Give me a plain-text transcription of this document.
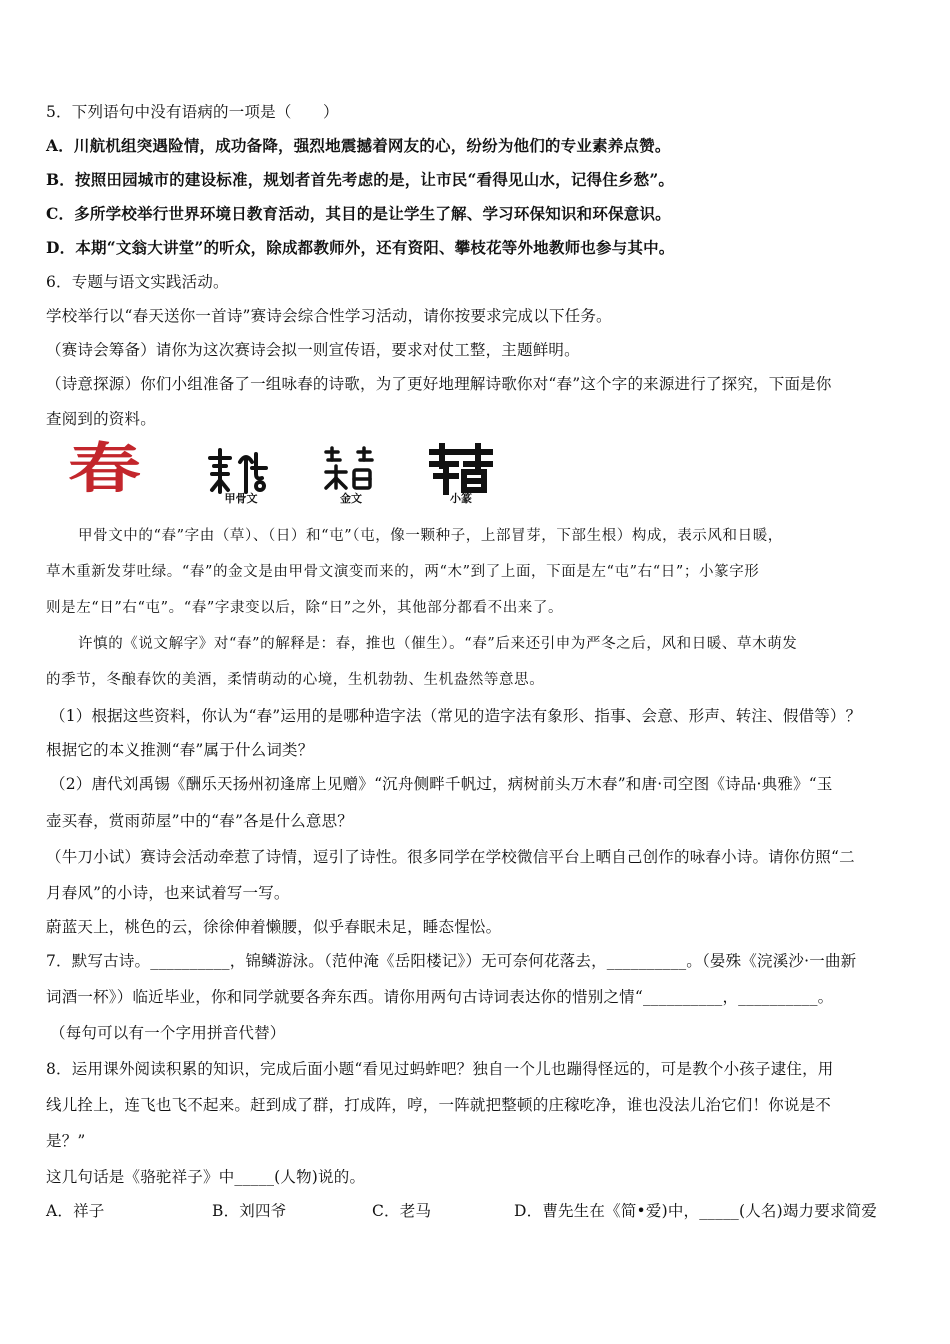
5．下列语句中没有语病的一项是（　　）
A．川航机组突遇险情，成功备降，强烈地震撼着网友的心，纷纷为他们的专业素养点赞。
B．按照田园城市的建设标准，规划者首先考虑的是，让市民“看得见山水，记得住乡愁”。
C．多所学校举行世界环境日教育活动，其目的是让学生了解、学习环保知识和环保意识。
D．本期“文翁大讲堂”的听众，除成都教师外，还有资阳、攀枝花等外地教师也参与其中。
6．专题与语文实践活动。
学校举行以“春天送你一首诗”赛诗会综合性学习活动，请你按要求完成以下任务。
（赛诗会筹备）请你为这次赛诗会拟一则宣传语，要求对仗工整，主题鲜明。
（诗意探源）你们小组准备了一组咏春的诗歌，为了更好地理解诗歌你对“春”这个字的来源进行了探究，下面是你
查阅到的资料。
春	甲骨文	金文	小篆
甲骨文中的“春”字由（草）、（日）和“屯”（屯，像一颗种子，上部冒芽，下部生根）构成，表示风和日暖，
草木重新发芽吐绿。“春”的金文是由甲骨文演变而来的，两“木”到了上面，下面是左“屯”右“日”；小篆字形
则是左“日”右“屯”。“春”字隶变以后，除“日”之外，其他部分都看不出来了。
许慎的《说文解字》对“春”的解释是：春，推也（催生）。“春”后来还引申为严冬之后，风和日暖、草木萌发
的季节，冬酿春饮的美酒，柔情萌动的心境，生机勃勃、生机盎然等意思。
（1）根据这些资料，你认为“春”运用的是哪种造字法（常见的造字法有象形、指事、会意、形声、转注、假借等）？
根据它的本义推测“春”属于什么词类？
（2）唐代刘禹锡《酬乐天扬州初逢席上见赠》“沉舟侧畔千帆过，病树前头万木春”和唐·司空图《诗品·典雅》“玉
壶买春，赏雨茆屋”中的“春”各是什么意思？
（牛刀小试）赛诗会活动牵惹了诗情，逗引了诗性。很多同学在学校微信平台上晒自己创作的咏春小诗。请你仿照“二
月春风”的小诗，也来试着写一写。
蔚蓝天上，桃色的云，徐徐伸着懒腰，似乎春眠未足，睡态惺忪。
7．默写古诗。__________，锦鳞游泳。（范仲淹《岳阳楼记》）无可奈何花落去，__________。（晏殊《浣溪沙·一曲新
词酒一杯》）临近毕业，你和同学就要各奔东西。请你用两句古诗词表达你的惜别之情“__________，__________。
（每句可以有一个字用拼音代替）
8．运用课外阅读积累的知识，完成后面小题“看见过蚂蚱吧？独自一个儿也蹦得怪远的，可是教个小孩子逮住，用
线儿拴上，连飞也飞不起来。赶到成了群，打成阵，哼，一阵就把整顿的庄稼吃净，谁也没法儿治它们！你说是不
是？”
这几句话是《骆驼祥子》中_____(人物)说的。
A．祥子	B．刘四爷	C．老马	D．曹先生在《简•爱)中，_____(人名)竭力要求简爱
